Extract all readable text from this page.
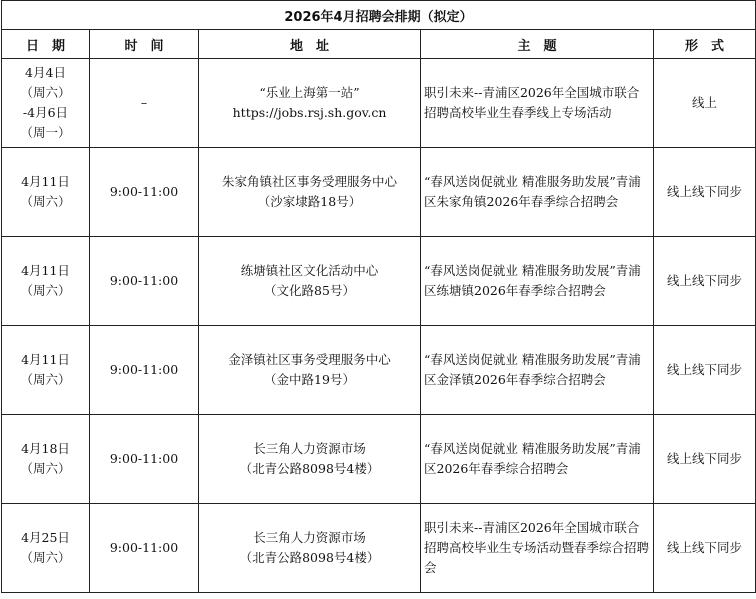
2026年4月招聘会排期（拟定）				
日　期	时　间	地　址	主　题	形　式

4月4日
（周六）
-4月6日
（周一）	–	“乐业上海第一站”
https://jobs.rsj.sh.gov.cn	职引未来--青浦区2026年全国城市联合招聘高校毕业生春季线上专场活动	线上

4月11日
（周六）	9:00-11:00	朱家角镇社区事务受理服务中心
（沙家埭路18号）	“春风送岗促就业 精准服务助发展”青浦区朱家角镇2026年春季综合招聘会	线上线下同步

4月11日
（周六）	9:00-11:00	练塘镇社区文化活动中心
（文化路85号）	“春风送岗促就业 精准服务助发展”青浦区练塘镇2026年春季综合招聘会	线上线下同步

4月11日
（周六）	9:00-11:00	金泽镇社区事务受理服务中心
（金中路19号）	“春风送岗促就业 精准服务助发展”青浦区金泽镇2026年春季综合招聘会	线上线下同步

4月18日
（周六）	9:00-11:00	长三角人力资源市场
（北青公路8098号4楼）	“春风送岗促就业 精准服务助发展”青浦区2026年春季综合招聘会	线上线下同步

4月25日
（周六）	9:00-11:00	长三角人力资源市场
（北青公路8098号4楼）	职引未来--青浦区2026年全国城市联合招聘高校毕业生专场活动暨春季综合招聘会	线上线下同步
